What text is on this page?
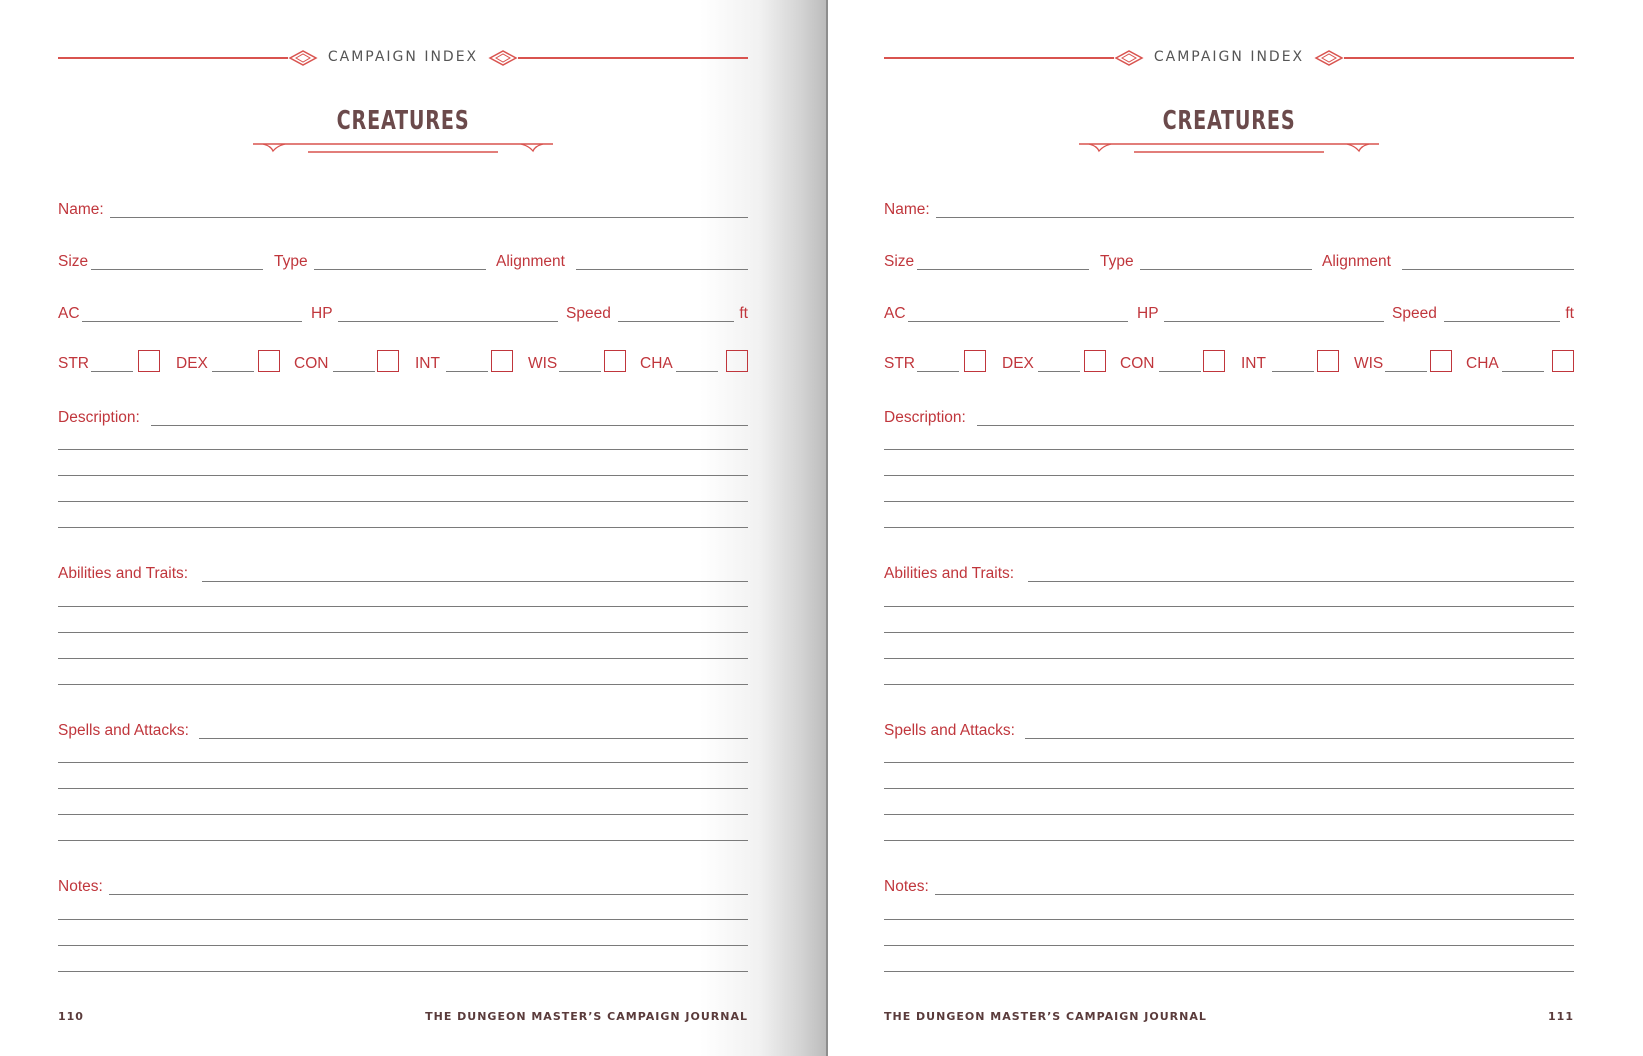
CAMPAIGN INDEX
CREATURES
Name:
Size	Type	Alignment
AC	HP	Speed	ft
STR	DEX	CON	INT	WIS	CHA
Description:
Abilities and Traits:
Spells and Attacks:
Notes:
110	THE DUNGEON MASTER’S CAMPAIGN JOURNAL
CAMPAIGN INDEX
CREATURES
Name:
Size	Type	Alignment
AC	HP	Speed	ft
STR	DEX	CON	INT	WIS	CHA
Description:
Abilities and Traits:
Spells and Attacks:
Notes:
THE DUNGEON MASTER’S CAMPAIGN JOURNAL	111
